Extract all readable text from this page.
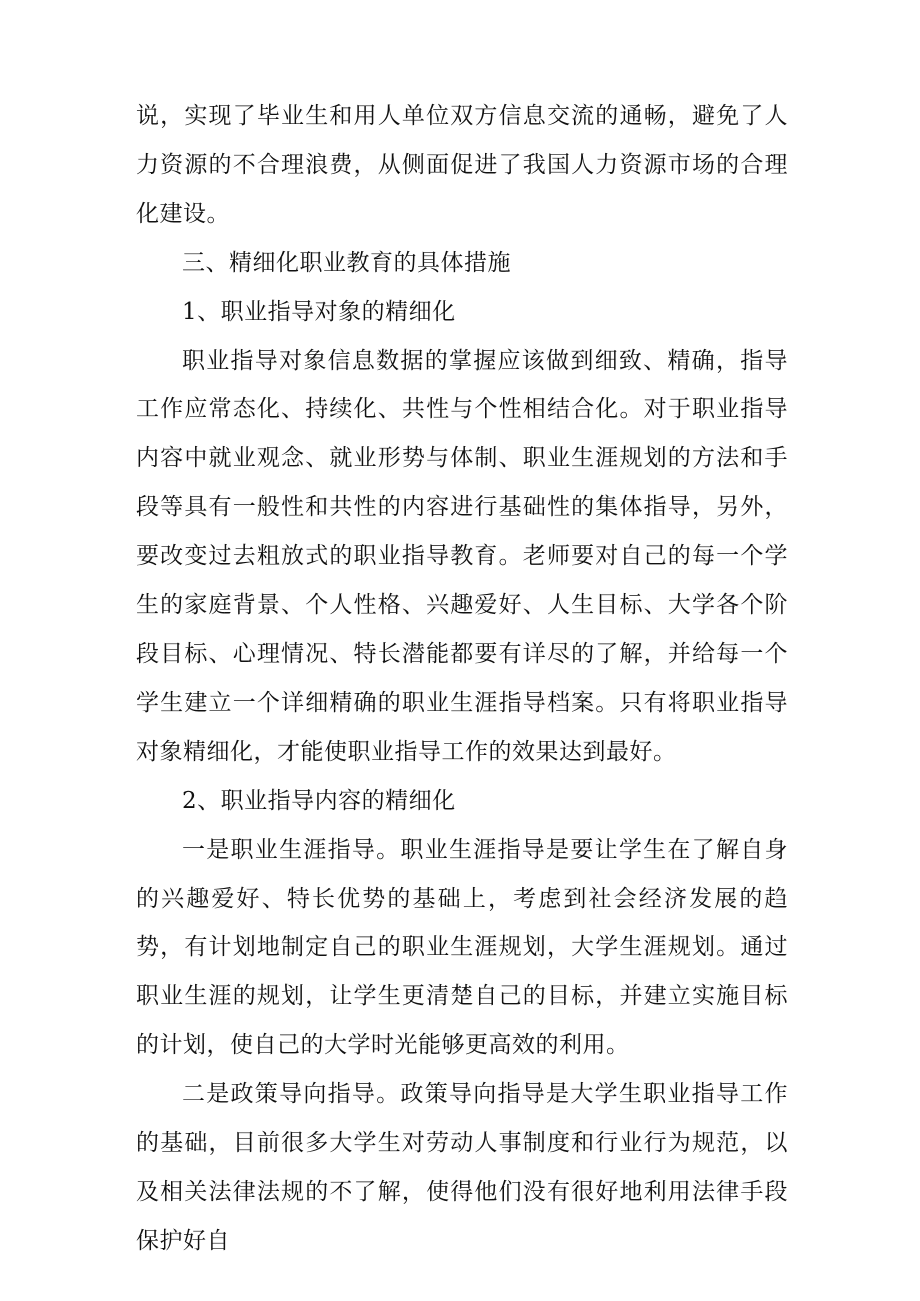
说，实现了毕业生和用人单位双方信息交流的通畅，避免了人力资源的不合理浪费，从侧面促进了我国人力资源市场的合理化建设。

三、精细化职业教育的具体措施

1、职业指导对象的精细化

职业指导对象信息数据的掌握应该做到细致、精确，指导工作应常态化、持续化、共性与个性相结合化。对于职业指导内容中就业观念、就业形势与体制、职业生涯规划的方法和手段等具有一般性和共性的内容进行基础性的集体指导，另外，要改变过去粗放式的职业指导教育。老师要对自己的每一个学生的家庭背景、个人性格、兴趣爱好、人生目标、大学各个阶段目标、心理情况、特长潜能都要有详尽的了解，并给每一个学生建立一个详细精确的职业生涯指导档案。只有将职业指导对象精细化，才能使职业指导工作的效果达到最好。

2、职业指导内容的精细化

一是职业生涯指导。职业生涯指导是要让学生在了解自身的兴趣爱好、特长优势的基础上，考虑到社会经济发展的趋势，有计划地制定自己的职业生涯规划，大学生涯规划。通过职业生涯的规划，让学生更清楚自己的目标，并建立实施目标的计划，使自己的大学时光能够更高效的利用。

二是政策导向指导。政策导向指导是大学生职业指导工作的基础，目前很多大学生对劳动人事制度和行业行为规范，以及相关法律法规的不了解，使得他们没有很好地利用法律手段保护好自
